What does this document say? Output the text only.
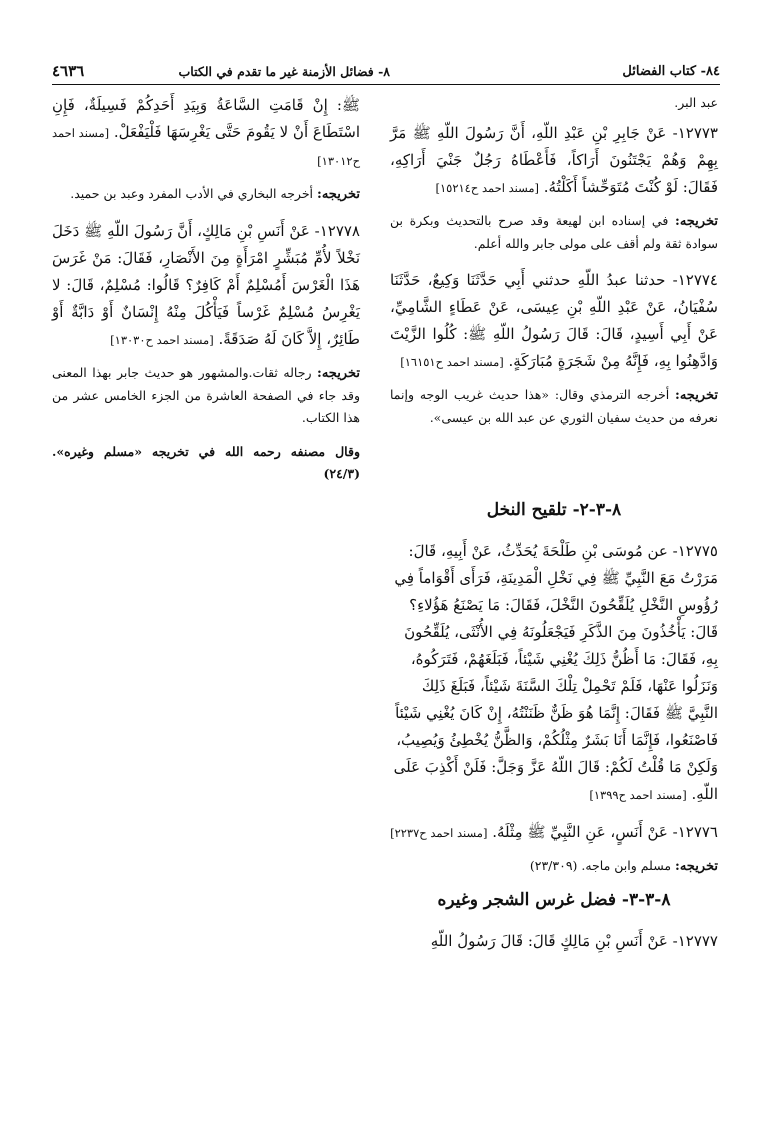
٨٤- كتاب الفضائل
٨- فضائل الأزمنة غير ما تقدم في الكتاب
٤٦٣٦

عبد البر.

١٢٧٧٣- عَنْ جَابِرِ بْنِ عَبْدِ اللّهِ، أَنَّ رَسُولَ اللّهِ ﷺ مَرَّ بِهِمْ وَهُمْ يَجْتَنُونَ أَرَاكاً، فَأَعْطَاهُ رَجُلٌ جَنْيَ أَرَاكِهِ، فَقَالَ: لَوْ كُنْتَ مُتَوَحِّشاً أَكَلْتُهُ. [مسند احمد ح١٥٢١٤]

تخريجه: في إسناده ابن لهيعة وقد صرح بالتحديث وبكرة بن سوادة ثقة ولم أقف على مولى جابر والله أعلم.

١٢٧٧٤- حدثنا عبدُ اللّهِ حدثني أَبِي حَدَّثَنَا وَكِيعٌ، حَدَّثَنَا سُفْيَانُ، عَنْ عَبْدِ اللّهِ بْنِ عِيسَى، عَنْ عَطَاءٍ الشَّامِيِّ، عَنْ أَبِي أَسِيدٍ، قَالَ: قَالَ رَسُولُ اللّهِ ﷺ: كُلُوا الزَّيْتَ وَادَّهِنُوا بِهِ، فَإِنَّهُ مِنْ شَجَرَةٍ مُبَارَكَةٍ. [مسند احمد ح١٦١٥١]

تخريجه: أخرجه الترمذي وقال: «هذا حديث غريب الوجه وإنما نعرفه من حديث سفيان الثوري عن عبد الله بن عيسى».

ﷺ: إِنْ قَامَتِ السَّاعَةُ وَبِيَدِ أَحَدِكُمْ فَسِيلَةٌ، فَإِنِ اسْتَطَاعَ أَنْ لا يَقُومَ حَتَّى يَغْرِسَهَا فَلْيَفْعَلْ. [مسند احمد ح١٣٠١٢]

تخريجه: أخرجه البخاري في الأدب المفرد وعبد بن حميد.

١٢٧٧٨- عَنْ أَنَسِ بْنِ مَالِكٍ، أَنَّ رَسُولَ اللّهِ ﷺ دَخَلَ نَخْلاً لأُمِّ مُبَشِّرٍ امْرَأَةٍ مِنَ الأَنْصَارِ، فَقَالَ: مَنْ غَرَسَ هَذَا الْغَرْسَ أَمُسْلِمٌ أَمْ كَافِرٌ؟ قَالُوا: مُسْلِمٌ، قَالَ: لا يَغْرِسُ مُسْلِمٌ غَرْساً فَيَأْكُلَ مِنْهُ إِنْسَانٌ أَوْ دَابَّةٌ أَوْ طَائِرٌ، إِلاَّ كَانَ لَهُ صَدَقَةً. [مسند احمد ح١٣٠٣٠]

تخريجه: رجاله ثقات.والمشهور هو حديث جابر بهذا المعنى وقد جاء في الصفحة العاشرة من الجزء الخامس عشر من هذا الكتاب.

وقال مصنفه رحمه الله في تخريجه «مسلم وغيره». (٢٤/٣)

٨-٣-٢- تلقيح النخل

١٢٧٧٥- عن مُوسَى بْنِ طَلْحَةَ يُحَدِّثُ، عَنْ أَبِيهِ، قَالَ: مَرَرْتُ مَعَ النَّبِيِّ ﷺ فِي نَخْلِ الْمَدِينَةِ، فَرَأَى أَقْوَاماً فِي رُؤُوسِ النَّخْلِ يُلَقِّحُونَ النَّخْلَ، فَقَالَ: مَا يَصْنَعُ هَؤُلاءِ؟ قَالَ: يَأْخُذُونَ مِنَ الذَّكَرِ فَيَجْعَلُونَهُ فِي الأُنْثَى، يُلَقِّحُونَ بِهِ، فَقَالَ: مَا أَظُنُّ ذَلِكَ يُغْنِي شَيْئاً، فَبَلَغَهُمْ، فَتَرَكُوهُ، وَنَزَلُوا عَنْهَا، فَلَمْ تَحْمِلْ تِلْكَ السَّنَةَ شَيْئاً، فَبَلَغَ ذَلِكَ النَّبِيَّ ﷺ فَقَالَ: إِنَّمَا هُوَ ظَنٌّ ظَنَنْتُهُ، إِنْ كَانَ يُغْنِي شَيْئاً فَاصْنَعُوا، فَإِنَّمَا أَنَا بَشَرٌ مِثْلُكُمْ، وَالظَّنُّ يُخْطِئُ وَيُصِيبُ، وَلَكِنْ مَا قُلْتُ لَكُمْ: قَالَ اللّهُ عَزَّ وَجَلَّ: فَلَنْ أَكْذِبَ عَلَى اللّهِ. [مسند احمد ح١٣٩٩]

١٢٧٧٦- عَنْ أَنَسٍ، عَنِ النَّبِيِّ ﷺ مِثْلَهُ. [مسند احمد ح٢٢٣٧]

تخريجه: مسلم وابن ماجه. (٢٣/٣٠٩)

٨-٣-٣- فضل غرس الشجر وغيره

١٢٧٧٧- عَنْ أَنَسِ بْنِ مَالِكٍ قَالَ: قَالَ رَسُولُ اللّهِ
